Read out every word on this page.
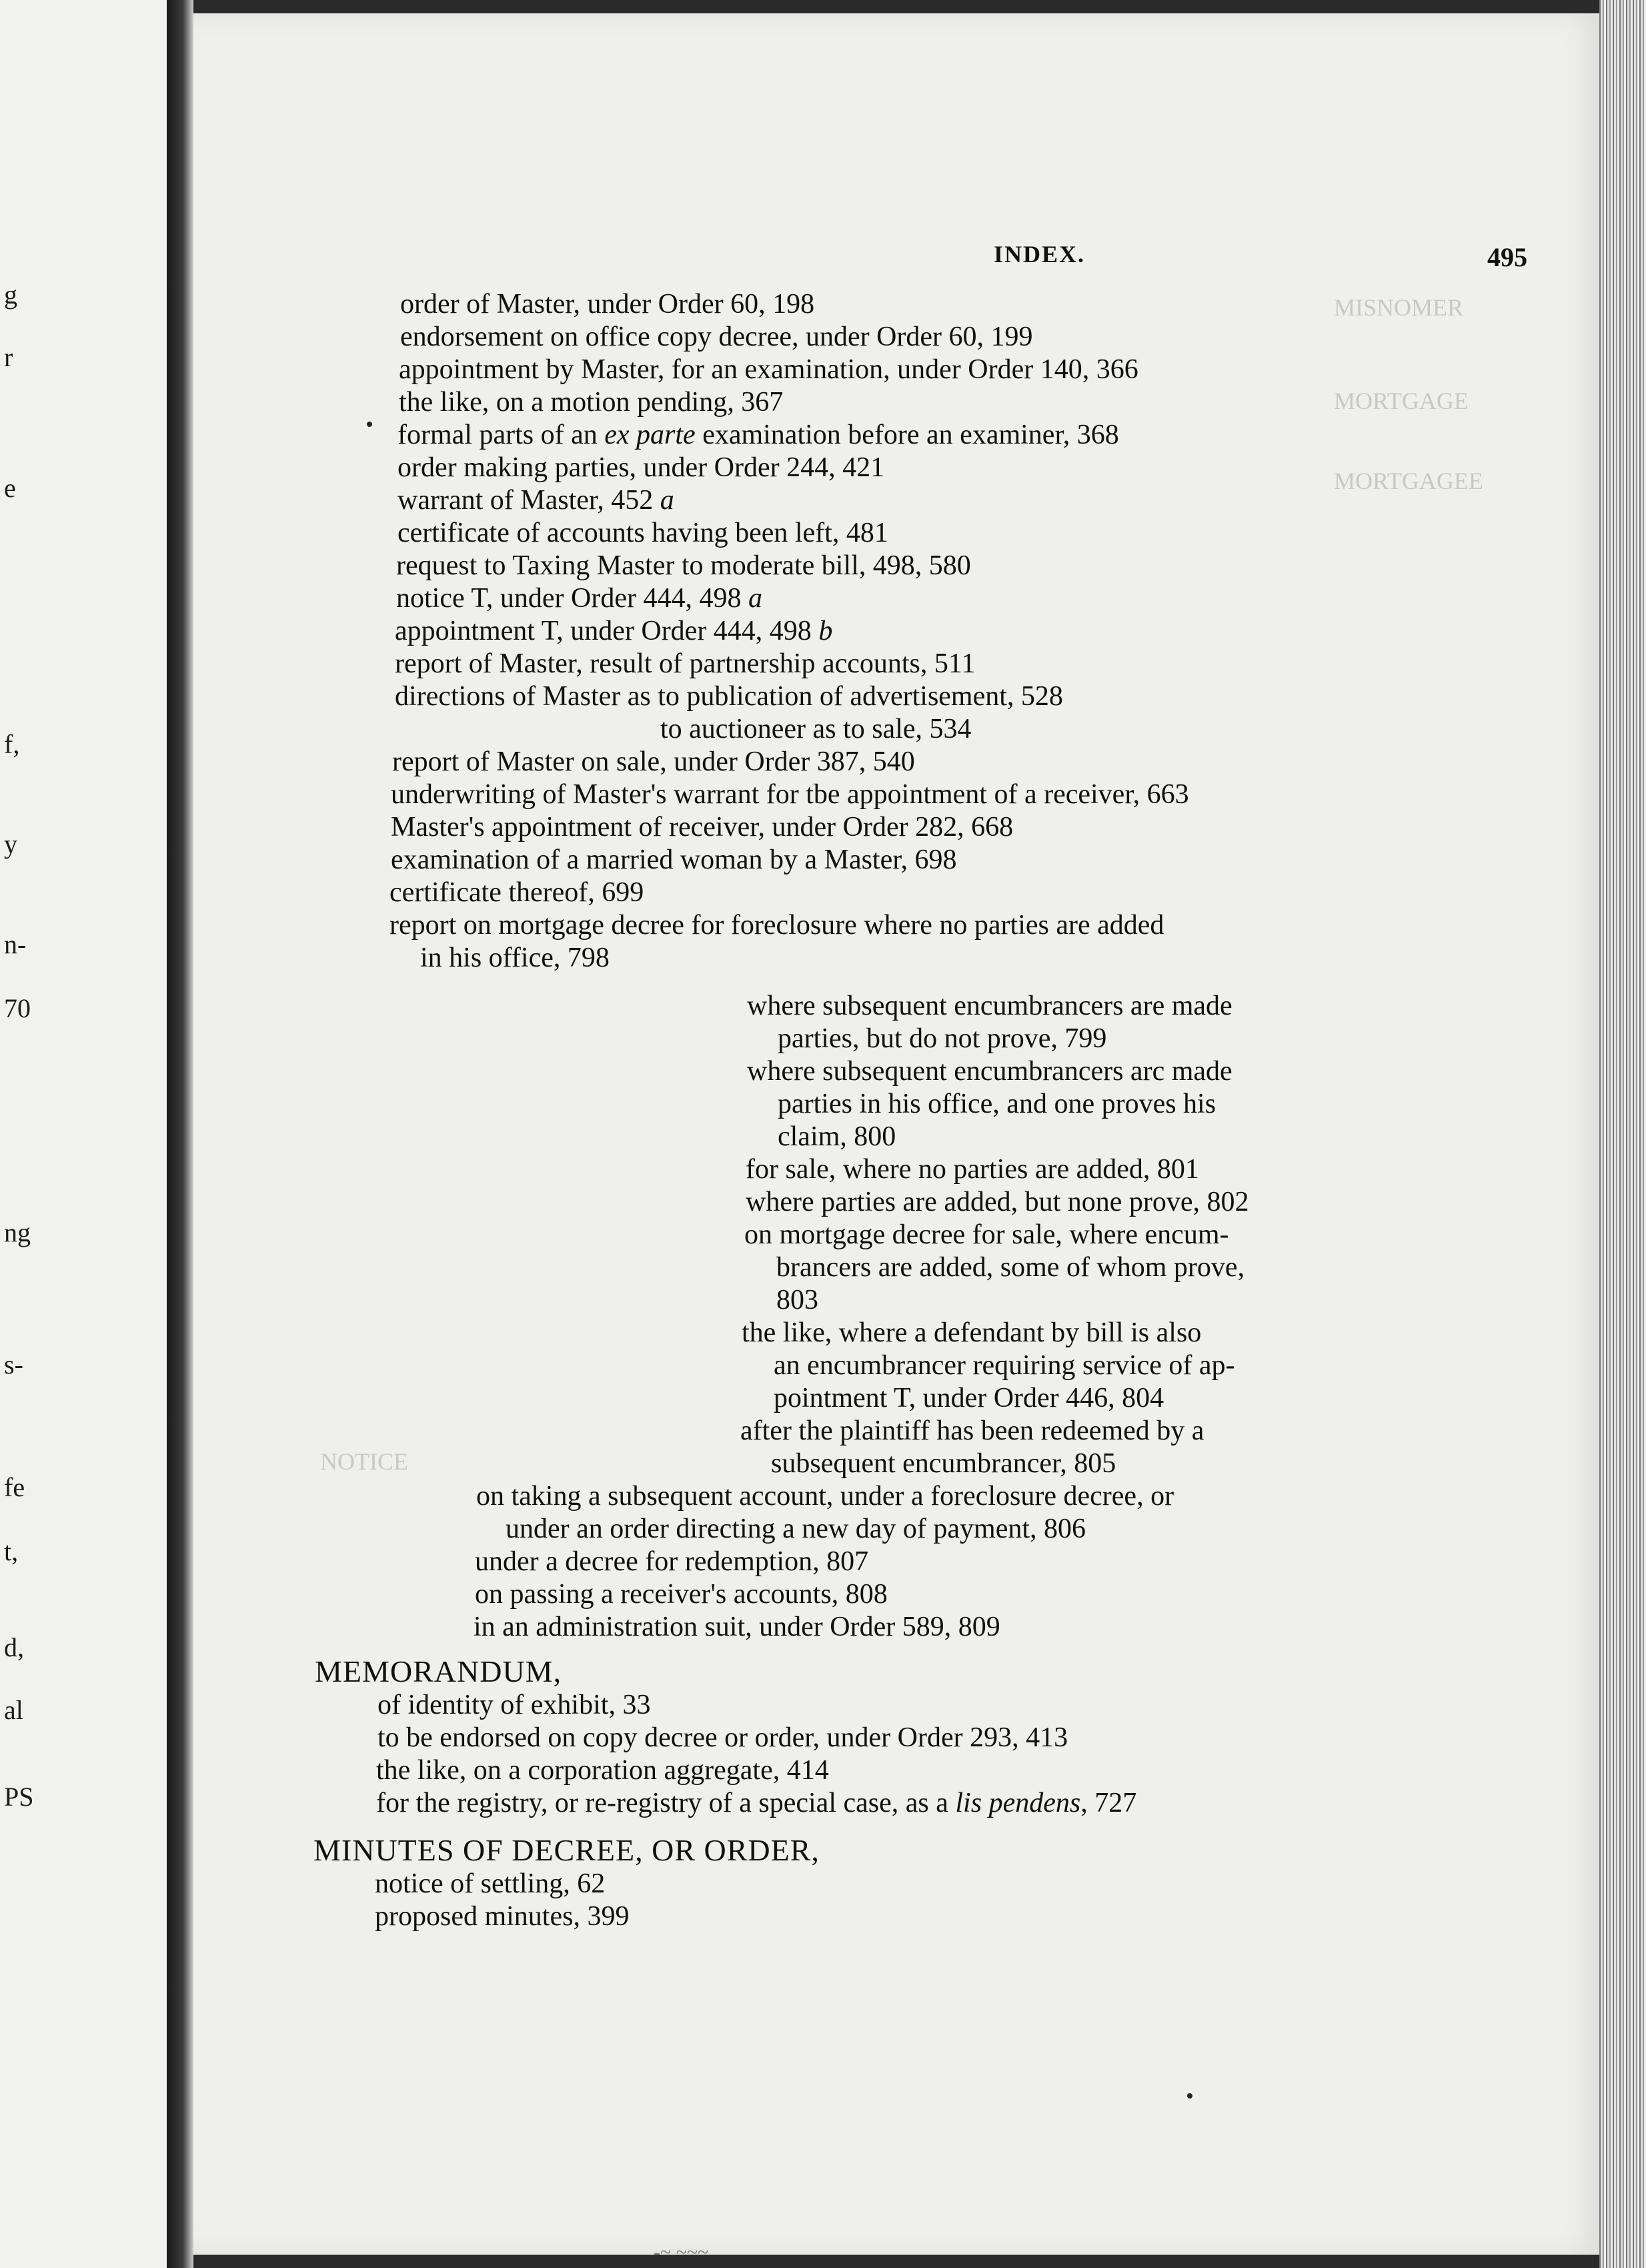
g
r
e
f,
y
n-
70
ng
s-
fe
t,
d,
al
PS
MISNOMER
MORTGAGE
MORTGAGEE
NOTICE
INDEX.	495
order of Master, under Order 60, 198
endorsement on office copy decree, under Order 60, 199
appointment by Master, for an examination, under Order 140, 366
the like, on a motion pending, 367
formal parts of an ex parte examination before an examiner, 368
order making parties, under Order 244, 421
warrant of Master, 452 a
certificate of accounts having been left, 481
request to Taxing Master to moderate bill, 498, 580
notice T, under Order 444, 498 a
appointment T, under Order 444, 498 b
report of Master, result of partnership accounts, 511
directions of Master as to publication of advertisement, 528
to auctioneer as to sale, 534
report of Master on sale, under Order 387, 540
underwriting of Master's warrant for tbe appointment of a receiver, 663
Master's appointment of receiver, under Order 282, 668
examination of a married woman by a Master, 698
certificate thereof, 699
report on mortgage decree for foreclosure where no parties are added
in his office, 798
where subsequent encumbrancers are made
parties, but do not prove, 799
where subsequent encumbrancers arc made
parties in his office, and one proves his
claim, 800
for sale, where no parties are added, 801
where parties are added, but none prove, 802
on mortgage decree for sale, where encum-
brancers are added, some of whom prove,
803
the like, where a defendant by bill is also
an encumbrancer requiring service of ap-
pointment T, under Order 446, 804
after the plaintiff has been redeemed by a
subsequent encumbrancer, 805
on taking a subsequent account, under a foreclosure decree, or
under an order directing a new day of payment, 806
under a decree for redemption, 807
on passing a receiver's accounts, 808
in an administration suit, under Order 589, 809
MEMORANDUM,
of identity of exhibit, 33
to be endorsed on copy decree or order, under Order 293, 413
the like, on a corporation aggregate, 414
for the registry, or re-registry of a special case, as a lis pendens, 727
MINUTES OF DECREE, OR ORDER,
notice of settling, 62
proposed minutes, 399
-~ ~~~
